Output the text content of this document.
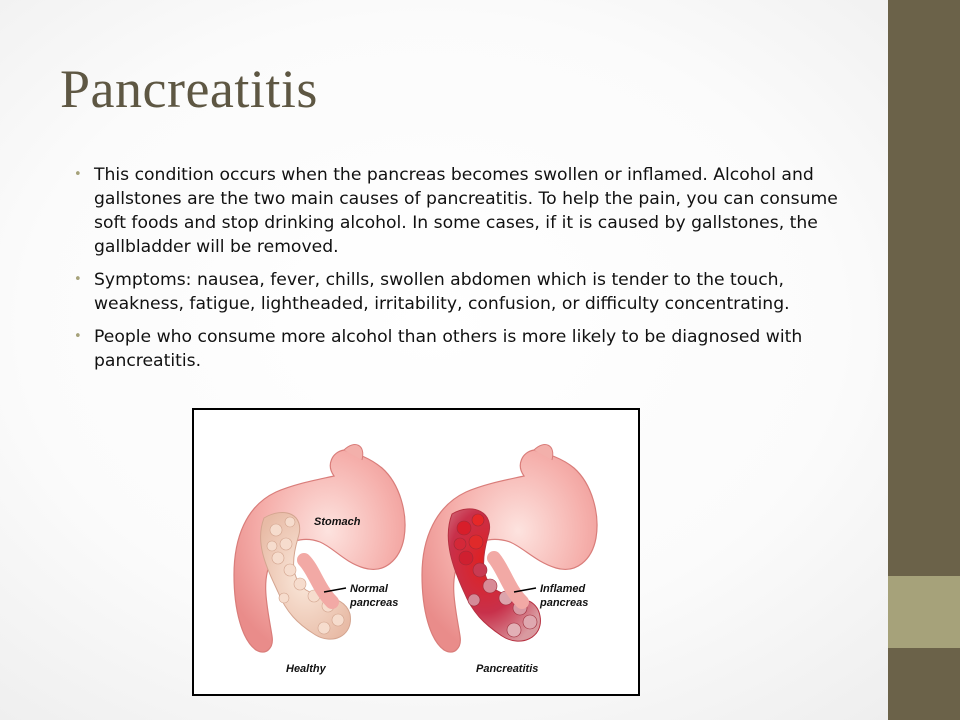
Pancreatitis
• This condition occurs when the pancreas becomes swollen or inflamed. Alcohol and gallstones are the two main causes of pancreatitis. To help the pain, you can consume soft foods and stop drinking alcohol. In some cases, if it is caused by gallstones, the gallbladder will be removed.
• Symptoms: nausea, fever, chills, swollen abdomen which is tender to the touch, weakness, fatigue, lightheaded, irritability, confusion, or difficulty concentrating.
• People who consume more alcohol than others is more likely to be diagnosed with pancreatitis.
Stomach
Normal
pancreas
Healthy
Inflamed
pancreas
Pancreatitis
